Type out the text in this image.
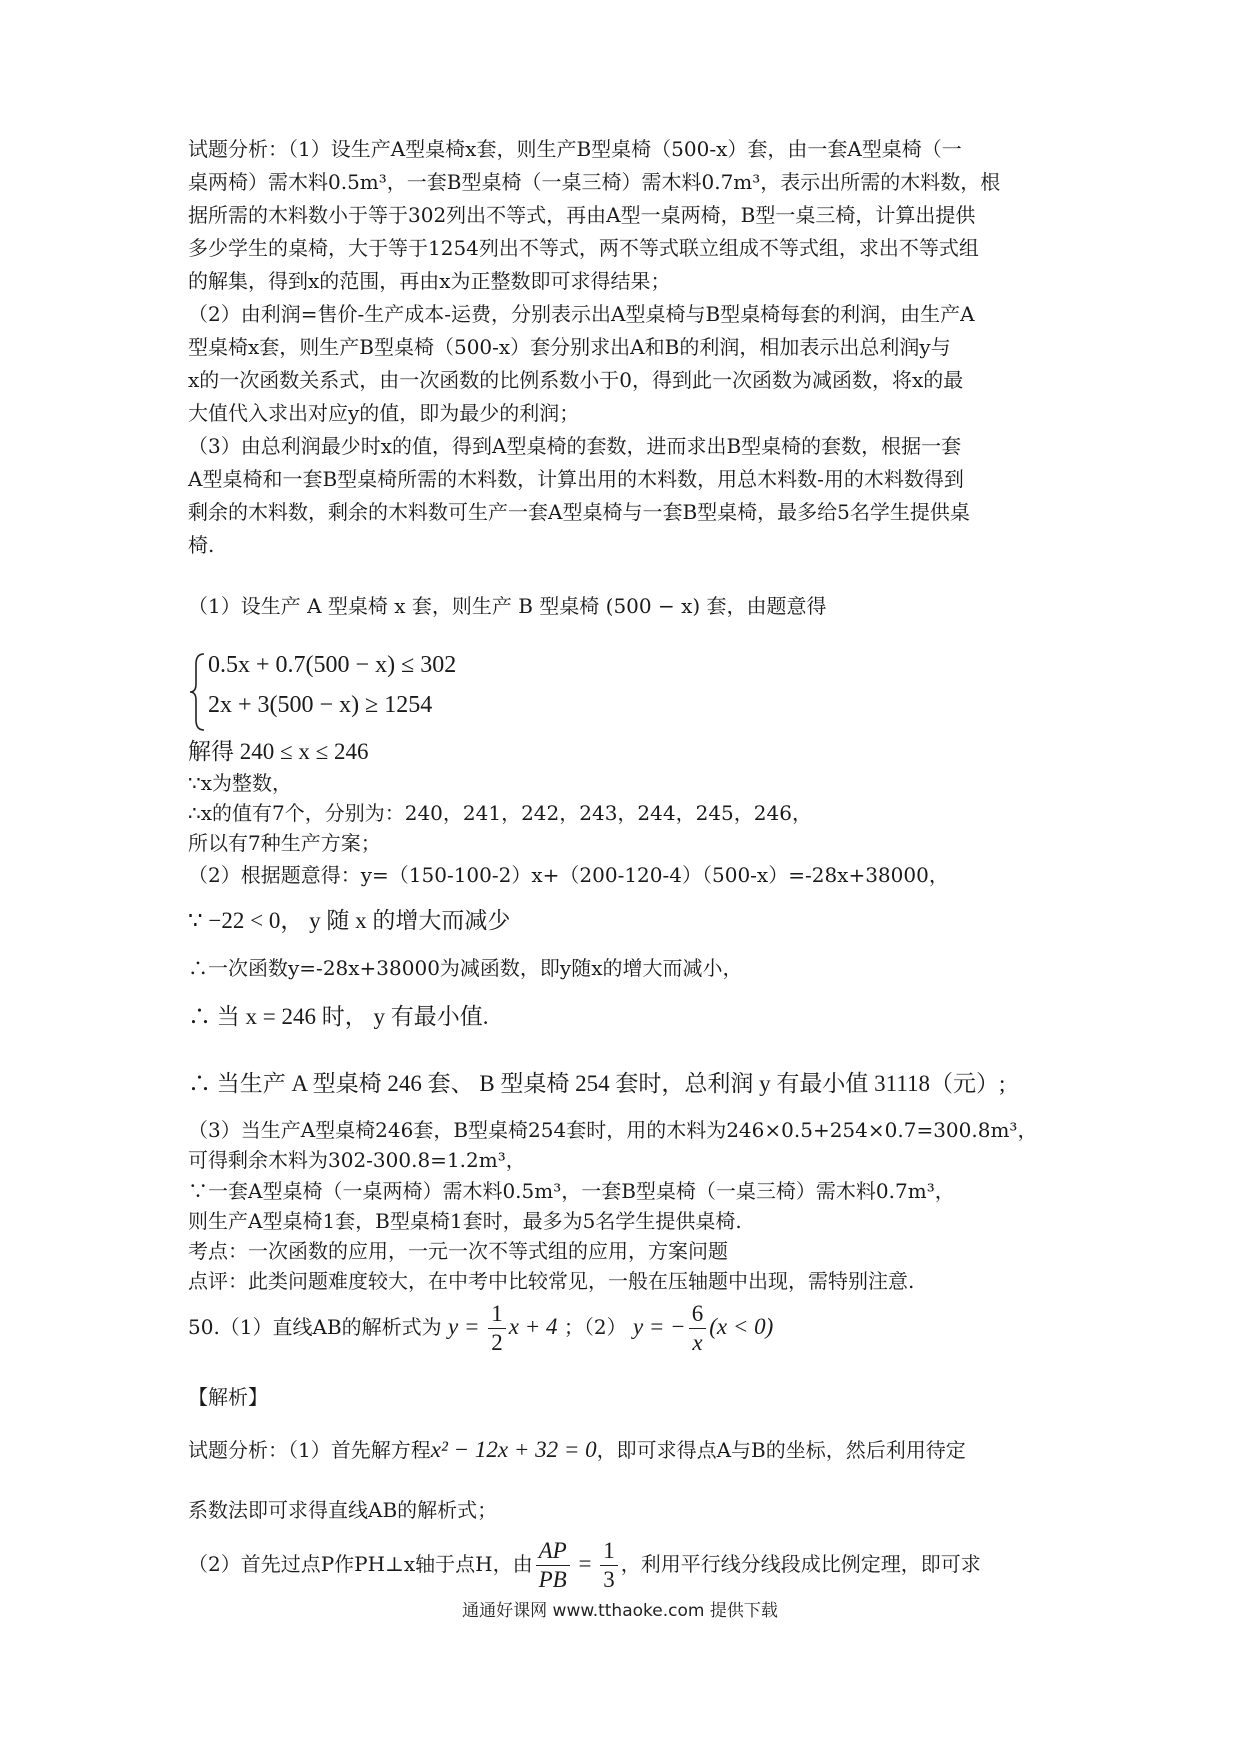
试题分析：（1）设生产A型桌椅x套，则生产B型桌椅（500-x）套，由一套A型桌椅（一

桌两椅）需木料0.5m³，一套B型桌椅（一桌三椅）需木料0.7m³，表示出所需的木料数，根

据所需的木料数小于等于302列出不等式，再由A型一桌两椅，B型一桌三椅，计算出提供

多少学生的桌椅，大于等于1254列出不等式，两不等式联立组成不等式组，求出不等式组

的解集，得到x的范围，再由x为正整数即可求得结果；

（2）由利润=售价-生产成本-运费，分别表示出A型桌椅与B型桌椅每套的利润，由生产A

型桌椅x套，则生产B型桌椅（500-x）套分别求出A和B的利润，相加表示出总利润y与

x的一次函数关系式，由一次函数的比例系数小于0，得到此一次函数为减函数，将x的最

大值代入求出对应y的值，即为最少的利润；

（3）由总利润最少时x的值，得到A型桌椅的套数，进而求出B型桌椅的套数，根据一套

A型桌椅和一套B型桌椅所需的木料数，计算出用的木料数，用总木料数-用的木料数得到

剩余的木料数，剩余的木料数可生产一套A型桌椅与一套B型桌椅，最多给5名学生提供桌

椅.

（1）设生产 A 型桌椅 x 套，则生产 B 型桌椅 (500 − x) 套，由题意得
0.5x + 0.7(500 − x) ≤ 302
2x + 3(500 − x) ≥ 1254
解得 240 ≤ x ≤ 246
∵x为整数，
∴x的值有7个，分别为：240，241，242，243，244，245，246，
所以有7种生产方案；
（2）根据题意得：y=（150-100-2）x+（200-120-4）（500-x）=-28x+38000，
∵ −22 < 0， y 随 x 的增大而减少
∴一次函数y=-28x+38000为减函数，即y随x的增大而减小，
∴ 当 x = 246 时， y 有最小值.
∴ 当生产 A 型桌椅 246 套、 B 型桌椅 254 套时，总利润 y 有最小值 31118（元）;
（3）当生产A型桌椅246套，B型桌椅254套时，用的木料为246×0.5+254×0.7=300.8m³，
可得剩余木料为302-300.8=1.2m³，
∵一套A型桌椅（一桌两椅）需木料0.5m³，一套B型桌椅（一桌三椅）需木料0.7m³，
则生产A型桌椅1套，B型桌椅1套时，最多为5名学生提供桌椅.
考点：一次函数的应用，一元一次不等式组的应用，方案问题
点评：此类问题难度较大，在中考中比较常见，一般在压轴题中出现，需特别注意.
50.（1）直线AB的解析式为 $y = \frac{1}{2}$ x + 4 ；（2） y = − $\frac{6}{x} (x < 0)$
【解析】
试题分析：（1）首先解方程x² − 12x + 32 = 0，即可求得点A与B的坐标，然后利用待定
系数法即可求得直线AB的解析式；
（2）首先过点P作PH⊥x轴于点H，由 $\frac{AP}{PB} = \frac{1}{3}$ ，利用平行线分线段成比例定理，即可求
通通好课网 www.tthaoke.com 提供下载
